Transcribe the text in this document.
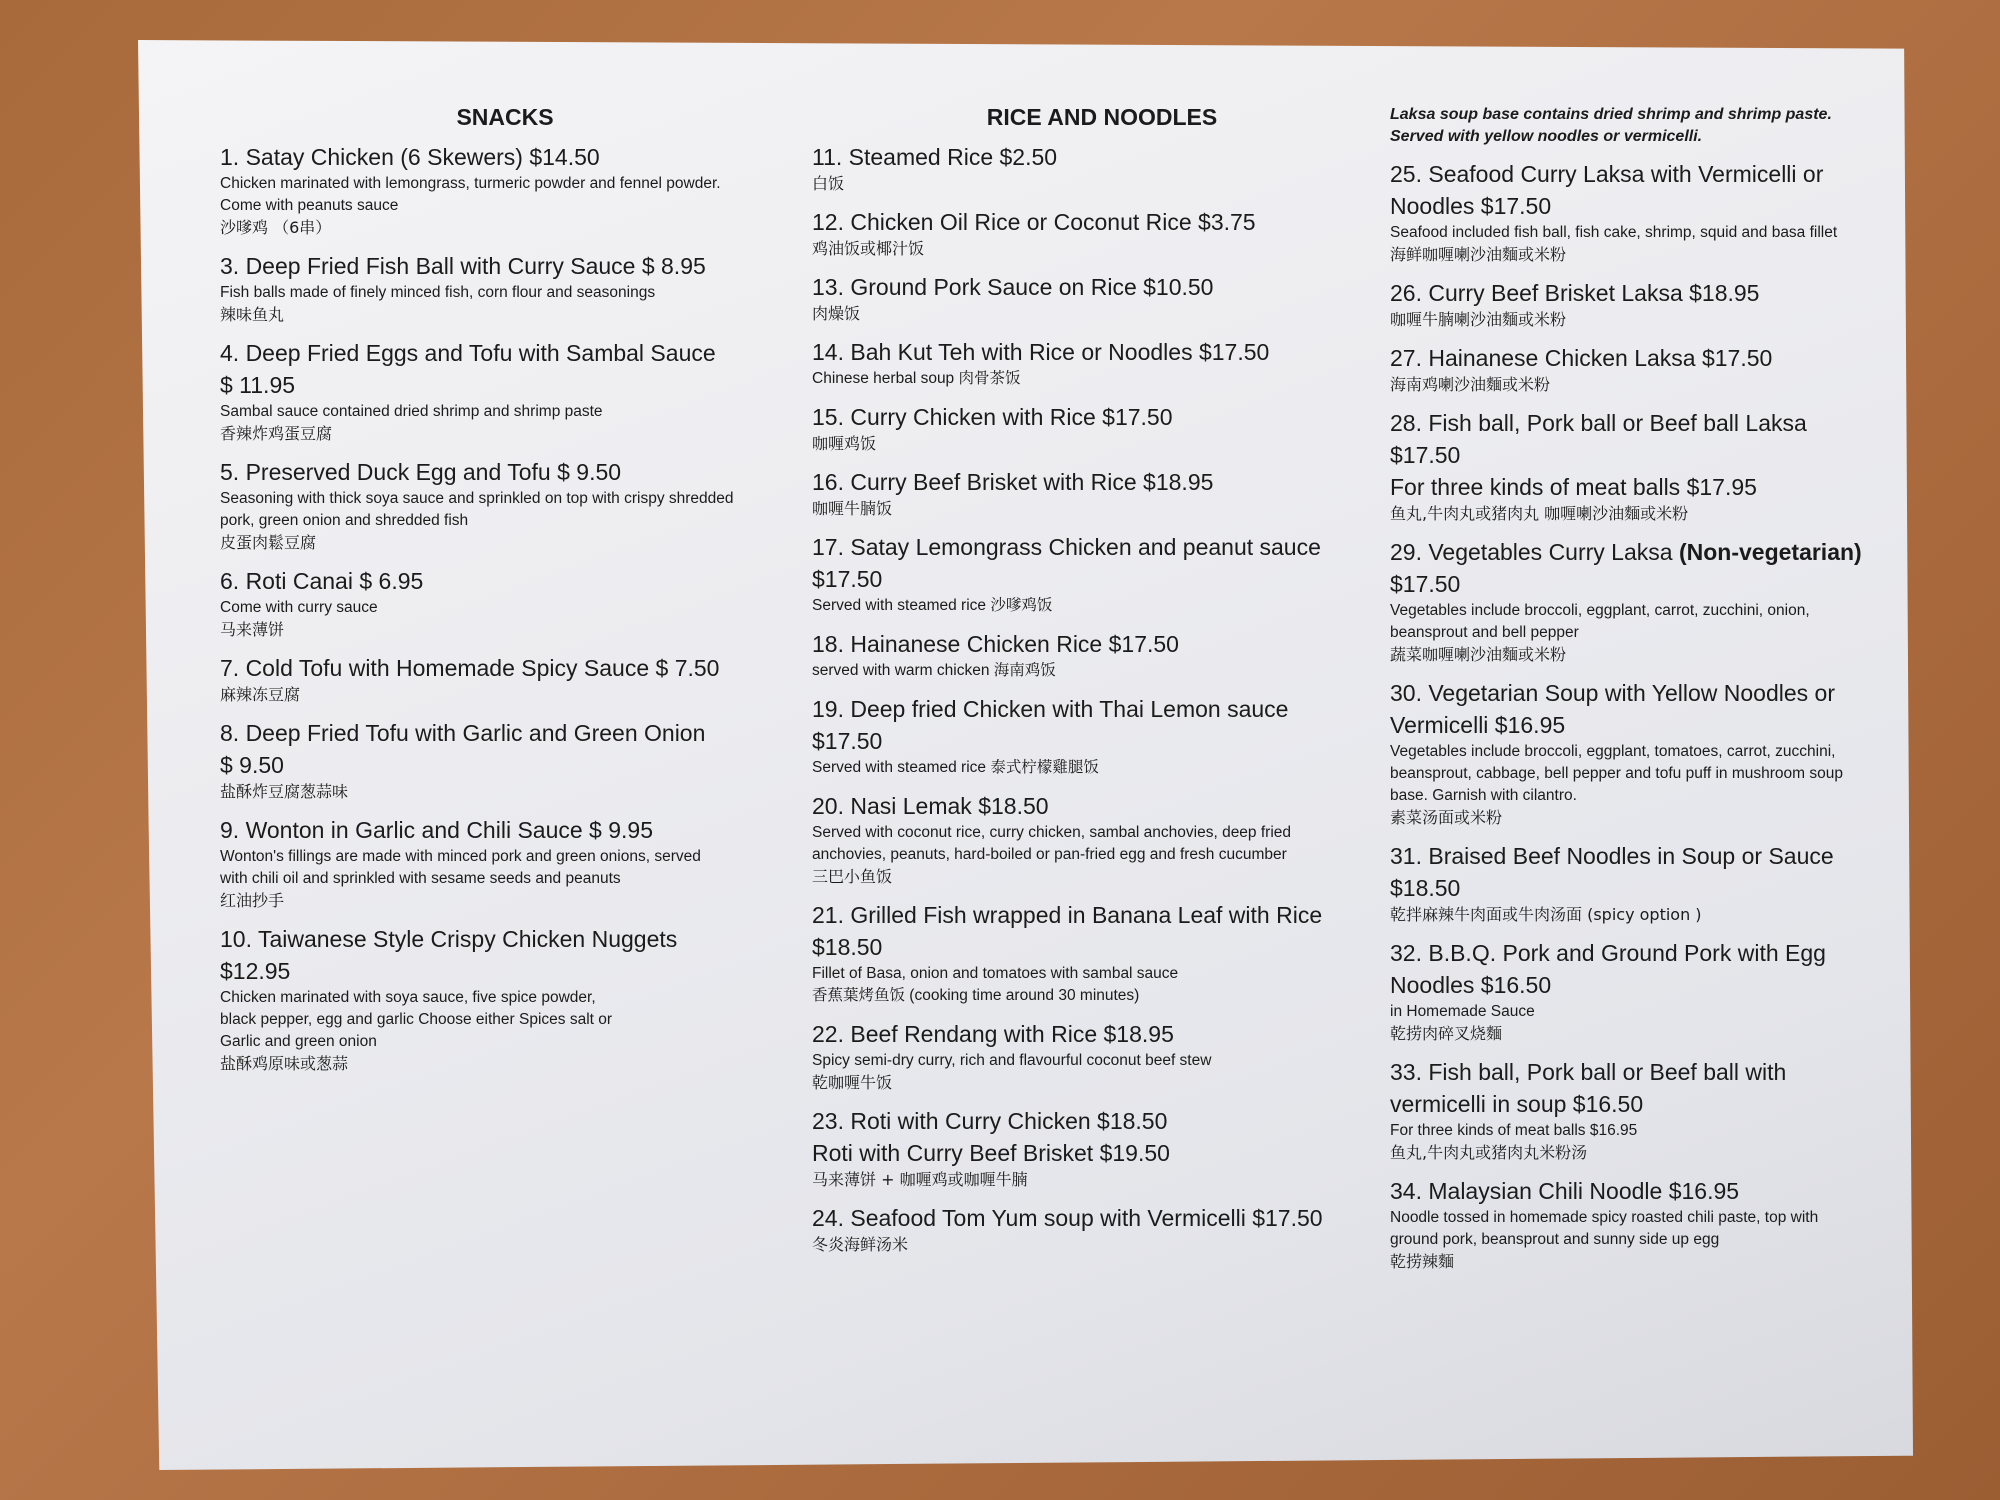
SNACKS
1. Satay Chicken (6 Skewers) $14.50
Chicken marinated with lemongrass, turmeric powder and fennel powder.
Come with peanuts sauce
沙嗲鸡 （6串）
3. Deep Fried Fish Ball with Curry Sauce $ 8.95
Fish balls made of finely minced fish, corn flour and seasonings
辣味鱼丸
4. Deep Fried Eggs and Tofu with Sambal Sauce
$ 11.95
Sambal sauce contained dried shrimp and shrimp paste
香辣炸鸡蛋豆腐
5. Preserved Duck Egg and Tofu $ 9.50
Seasoning with thick soya sauce and sprinkled on top with crispy shredded
pork, green onion and shredded fish
皮蛋肉鬆豆腐
6. Roti Canai $ 6.95
Come with curry sauce
马来薄饼
7. Cold Tofu with Homemade Spicy Sauce $ 7.50
麻辣冻豆腐
8. Deep Fried Tofu with Garlic and Green Onion
$ 9.50
盐酥炸豆腐葱蒜味
9. Wonton in Garlic and Chili Sauce $ 9.95
Wonton's fillings are made with minced pork and green onions, served
with chili oil and sprinkled with sesame seeds and peanuts
红油抄手
10. Taiwanese Style Crispy Chicken Nuggets
$12.95
Chicken marinated with soya sauce, five spice powder,
black pepper, egg and garlic Choose either Spices salt or
Garlic and green onion
盐酥鸡原味或葱蒜
RICE AND NOODLES
11. Steamed Rice $2.50
白饭
12. Chicken Oil Rice or Coconut Rice $3.75
鸡油饭或椰汁饭
13. Ground Pork Sauce on Rice $10.50
肉燥饭
14. Bah Kut Teh with Rice or Noodles $17.50
Chinese herbal soup 肉骨茶饭
15. Curry Chicken with Rice $17.50
咖喱鸡饭
16. Curry Beef Brisket with Rice $18.95
咖喱牛腩饭
17. Satay Lemongrass Chicken and peanut sauce
$17.50
Served with steamed rice 沙嗲鸡饭
18. Hainanese Chicken Rice $17.50
served with warm chicken 海南鸡饭
19. Deep fried Chicken with Thai Lemon sauce
$17.50
Served with steamed rice 泰式柠檬雞腿饭
20. Nasi Lemak $18.50
Served with coconut rice, curry chicken, sambal anchovies, deep fried
anchovies, peanuts, hard-boiled or pan-fried egg and fresh cucumber
三巴小鱼饭
21. Grilled Fish wrapped in Banana Leaf with Rice
$18.50
Fillet of Basa, onion and tomatoes with sambal sauce
香蕉葉烤鱼饭 (cooking time around 30 minutes)
22. Beef Rendang with Rice $18.95
Spicy semi-dry curry, rich and flavourful coconut beef stew
乾咖喱牛饭
23. Roti with Curry Chicken $18.50
Roti with Curry Beef Brisket $19.50
马来薄饼 + 咖喱鸡或咖喱牛腩
24. Seafood Tom Yum soup with Vermicelli $17.50
冬炎海鲜汤米
Laksa soup base contains dried shrimp and shrimp paste.
Served with yellow noodles or vermicelli.
25. Seafood Curry Laksa with Vermicelli or
Noodles $17.50
Seafood included fish ball, fish cake, shrimp, squid and basa fillet
海鲜咖喱喇沙油麵或米粉
26. Curry Beef Brisket Laksa $18.95
咖喱牛腩喇沙油麵或米粉
27. Hainanese Chicken Laksa $17.50
海南鸡喇沙油麵或米粉
28. Fish ball, Pork ball or Beef ball Laksa
$17.50
For three kinds of meat balls $17.95
鱼丸,牛肉丸或猪肉丸 咖喱喇沙油麵或米粉
29. Vegetables Curry Laksa (Non-vegetarian)
$17.50
Vegetables include broccoli, eggplant, carrot, zucchini, onion,
beansprout and bell pepper
蔬菜咖喱喇沙油麵或米粉
30. Vegetarian Soup with Yellow Noodles or
Vermicelli $16.95
Vegetables include broccoli, eggplant, tomatoes, carrot, zucchini,
beansprout, cabbage, bell pepper and tofu puff in mushroom soup
base. Garnish with cilantro.
素菜汤面或米粉
31. Braised Beef Noodles in Soup or Sauce
$18.50
乾拌麻辣牛肉面或牛肉汤面 (spicy option )
32. B.B.Q. Pork and Ground Pork with Egg
Noodles $16.50
in Homemade Sauce
乾捞肉碎叉烧麵
33. Fish ball, Pork ball or Beef ball with
vermicelli in soup $16.50
For three kinds of meat balls $16.95
鱼丸,牛肉丸或猪肉丸米粉汤
34. Malaysian Chili Noodle $16.95
Noodle tossed in homemade spicy roasted chili paste, top with
ground pork, beansprout and sunny side up egg
乾捞辣麵
